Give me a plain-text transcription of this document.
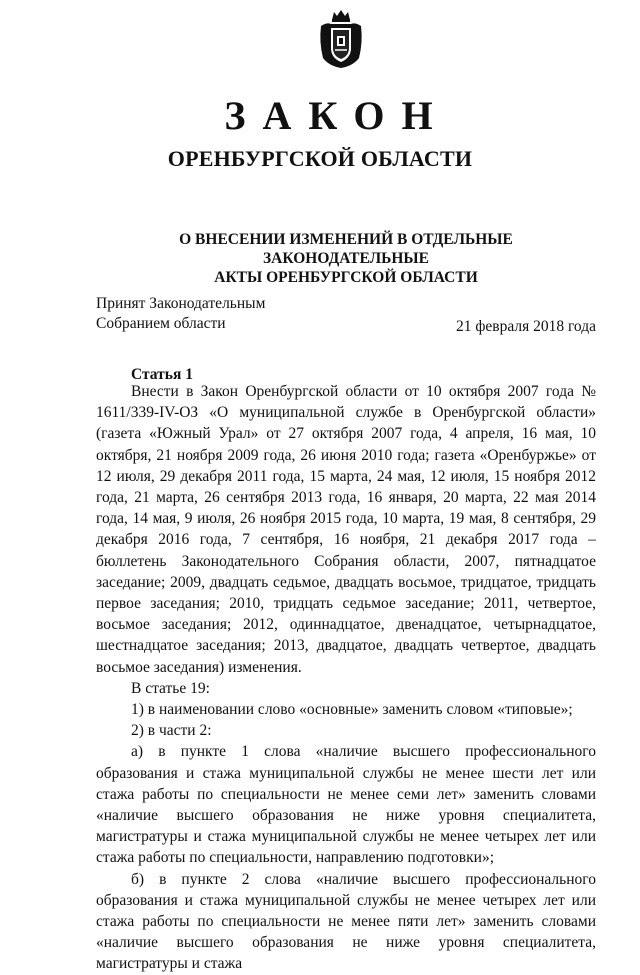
ЗАКОН
ОРЕНБУРГСКОЙ ОБЛАСТИ
О ВНЕСЕНИИ ИЗМЕНЕНИЙ В ОТДЕЛЬНЫЕ ЗАКОНОДАТЕЛЬНЫЕ
АКТЫ ОРЕНБУРГСКОЙ ОБЛАСТИ
Принят Законодательным
Собранием области	21 февраля 2018 года
Статья 1

Внести в Закон Оренбургской области от 10 октября 2007 года № 1611/339-IV-ОЗ «О муниципальной службе в Оренбургской области» (газета «Южный Урал» от 27 октября 2007 года, 4 апреля, 16 мая, 10 октября, 21 ноября 2009 года, 26 июня 2010 года; газета «Оренбуржье» от 12 июля, 29 декабря 2011 года, 15 марта, 24 мая, 12 июля, 15 ноября 2012 года, 21 марта, 26 сентября 2013 года, 16 января, 20 марта, 22 мая 2014 года, 14 мая, 9 июля, 26 ноября 2015 года, 10 марта, 19 мая, 8 сентября, 29 декабря 2016 года, 7 сентября, 16 ноября, 21 декабря 2017 года – бюллетень Законодательного Собрания области, 2007, пятнадцатое заседание; 2009, двадцать седьмое, двадцать восьмое, тридцатое, тридцать первое заседания; 2010, тридцать седьмое заседание; 2011, четвертое, восьмое заседания; 2012, одиннадцатое, двенадцатое, четырнадцатое, шестнадцатое заседания; 2013, двадцатое, двадцать четвертое, двадцать восьмое заседания) изменения.

В статье 19:

1) в наименовании слово «основные» заменить словом «типовые»;

2) в части 2:

а) в пункте 1 слова «наличие высшего профессионального образования и стажа муниципальной службы не менее шести лет или стажа работы по специальности не менее семи лет» заменить словами «наличие высшего образования не ниже уровня специалитета, магистратуры и стажа муниципальной службы не менее четырех лет или стажа работы по специальности, направлению подготовки»;

б) в пункте 2 слова «наличие высшего профессионального образования и стажа муниципальной службы не менее четырех лет или стажа работы по специальности не менее пяти лет» заменить словами «наличие высшего образования не ниже уровня специалитета, магистратуры и стажа
